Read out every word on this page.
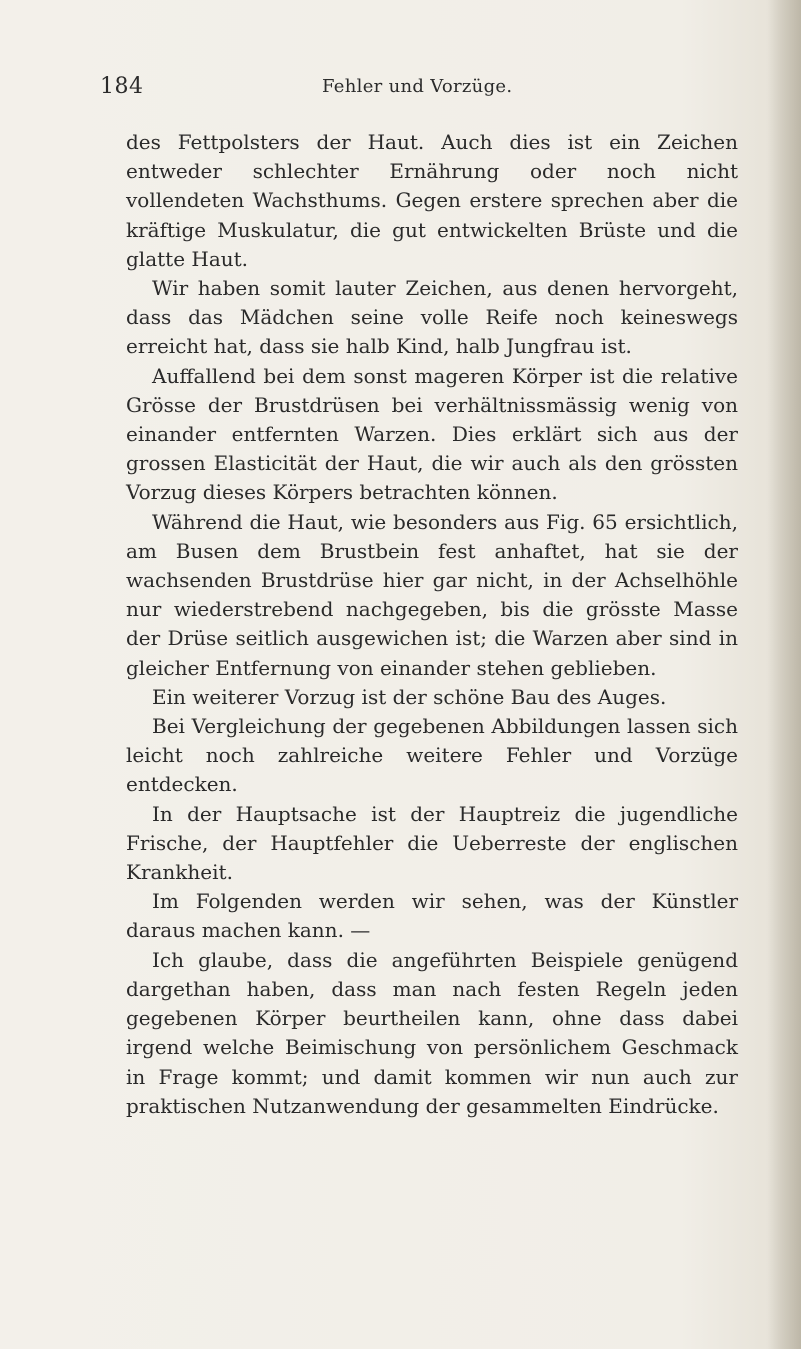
184	Fehler und Vorzüge.

des Fettpolsters der Haut. Auch dies ist ein Zeichen entweder schlechter Ernährung oder noch nicht vollendeten Wachsthums. Gegen erstere sprechen aber die kräftige Muskulatur, die gut entwickelten Brüste und die glatte Haut.

Wir haben somit lauter Zeichen, aus denen hervorgeht, dass das Mädchen seine volle Reife noch keineswegs erreicht hat, dass sie halb Kind, halb Jungfrau ist.

Auffallend bei dem sonst mageren Körper ist die relative Grösse der Brustdrüsen bei verhältnissmässig wenig von einander entfernten Warzen. Dies erklärt sich aus der grossen Elasticität der Haut, die wir auch als den grössten Vorzug dieses Körpers betrachten können.

Während die Haut, wie besonders aus Fig. 65 ersichtlich, am Busen dem Brustbein fest anhaftet, hat sie der wachsenden Brustdrüse hier gar nicht, in der Achselhöhle nur wiederstrebend nachgegeben, bis die grösste Masse der Drüse seitlich ausgewichen ist; die Warzen aber sind in gleicher Entfernung von einander stehen geblieben.

Ein weiterer Vorzug ist der schöne Bau des Auges.

Bei Vergleichung der gegebenen Abbildungen lassen sich leicht noch zahlreiche weitere Fehler und Vorzüge entdecken.

In der Hauptsache ist der Hauptreiz die jugendliche Frische, der Hauptfehler die Ueberreste der englischen Krankheit.

Im Folgenden werden wir sehen, was der Künstler daraus machen kann. —

Ich glaube, dass die angeführten Beispiele genügend dargethan haben, dass man nach festen Regeln jeden gegebenen Körper beurtheilen kann, ohne dass dabei irgend welche Beimischung von persönlichem Geschmack in Frage kommt; und damit kommen wir nun auch zur praktischen Nutzanwendung der gesammelten Eindrücke.
